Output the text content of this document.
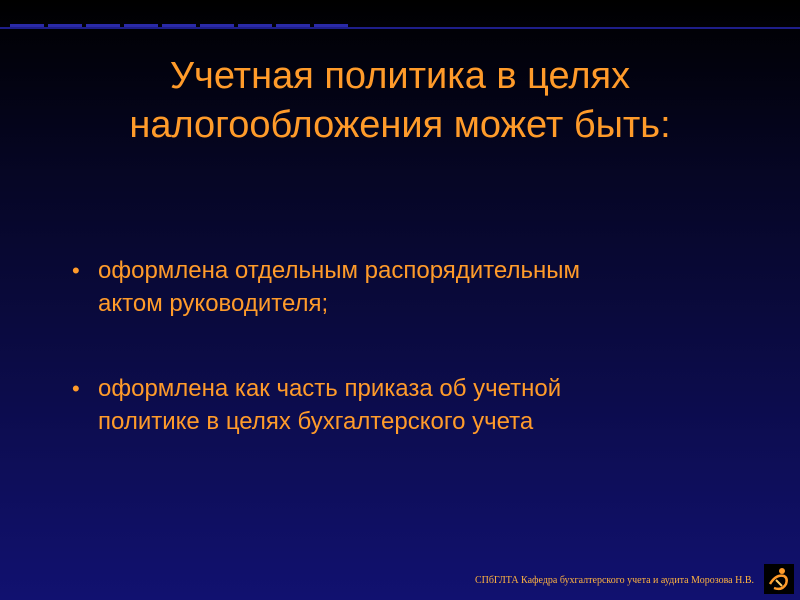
Учетная политика в целях
налогообложения может быть:
• оформлена отдельным распорядительным
актом руководителя;
• оформлена как часть приказа об учетной
политике в целях бухгалтерского учета
СПбГЛТА Кафедра бухгалтерского учета и аудита Морозова Н.В.
